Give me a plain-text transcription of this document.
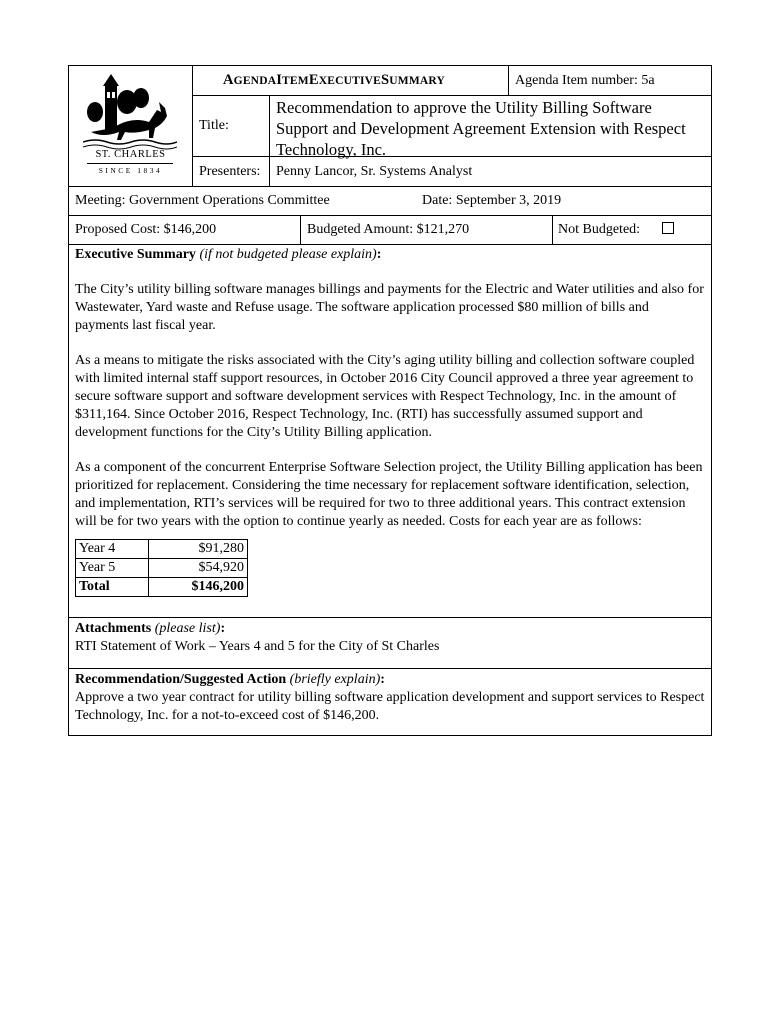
ST. CHARLES
SINCE 1834
A GENDA I TEM E XECUTIVE S UMMARY	Agenda Item number: 5a
Title:
Recommendation to approve the Utility Billing Software Support and Development Agreement Extension with Respect Technology, Inc.
Presenters:	Penny Lancor, Sr. Systems Analyst
Meeting: Government Operations Committee	Date: September 3, 2019
Proposed Cost: $146,200	Budgeted Amount: $121,270	Not Budgeted:

Executive Summary (if not budgeted please explain):

The City’s utility billing software manages billings and payments for the Electric and Water utilities and also for Wastewater, Yard waste and Refuse usage. The software application processed $80 million of bills and payments last fiscal year.

As a means to mitigate the risks associated with the City’s aging utility billing and collection software coupled with limited internal staff support resources, in October 2016 City Council approved a three year agreement to secure software support and software development services with Respect Technology, Inc. in the amount of $311,164. Since October 2016, Respect Technology, Inc. (RTI) has successfully assumed support and development functions for the City’s Utility Billing application.

As a component of the concurrent Enterprise Software Selection project, the Utility Billing application has been prioritized for replacement. Considering the time necessary for replacement software identification, selection, and implementation, RTI’s services will be required for two to three additional years. This contract extension will be for two years with the option to continue yearly as needed. Costs for each year are as follows:

Year 4	$91,280
Year 5	$54,920
Total	$146,200

Attachments (please list):

RTI Statement of Work – Years 4 and 5 for the City of St Charles

Recommendation/Suggested Action (briefly explain):

Approve a two year contract for utility billing software application development and support services to Respect Technology, Inc. for a not-to-exceed cost of $146,200.
